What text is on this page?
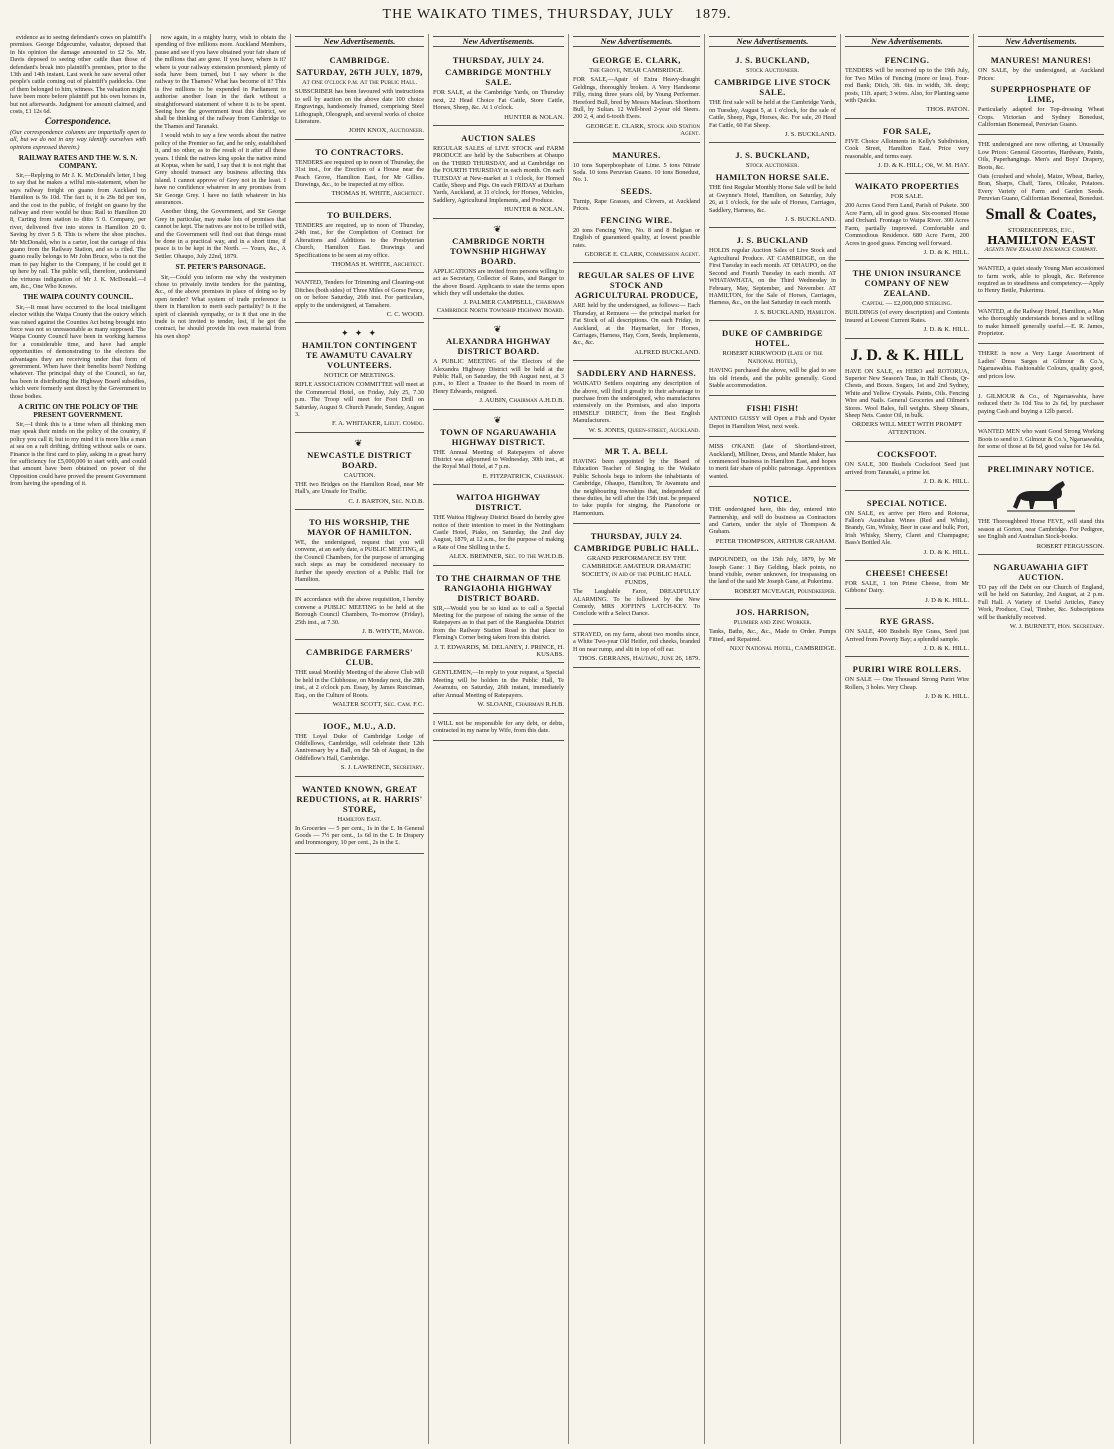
THE WAIKATO TIMES, THURSDAY, JULY 1879.

evidence as to seeing defendant's cows on plaintiff's premises. George Edgecumbe, valuator, deposed that in his opinion the damage amounted to £2 5s. Mr. Davis deposed to seeing other cattle than those of defendant's break into plaintiff's premises, prior to the 13th and 14th instant. Last week he saw several other people's cattle coming out of plaintiff's paddocks. One of them belonged to him, witness. The valuation might have been more before plaintiff put his own horses in, but not afterwards. Judgment for amount claimed, and costs, £1 12s 6d.

Correspondence.

(Our correspondence columns are impartially open to all, but we do not in any way identify ourselves with opinions expressed therein.)

RAILWAY RATES AND THE W. S. N. COMPANY.

Sir,—Replying to Mr J. K. McDonald's letter, I beg to say that he makes a wilful mis-statement, when he says railway freight on guano from Auckland to Hamilton is 9s 10d. The fact is, it is 29s 8d per ton, and the cost to the public, of freight on guano by the railway and river would be thus: Rail to Hamilton 20 8, Carting from station to ditto 5 0. Company, per river, delivered five into stores in Hamilton 20 0. Saving by river 5 8. This is where the shoe pinches. Mr McDonald, who is a carter, lost the cartage of this guano from the Railway Station, and so is riled. The guano really belongs to Mr John Bruce, who is not the man to pay higher to the Company, if he could get it up here by rail. The public will, therefore, understand the virtuous indignation of Mr J. K. McDonald.—I am, &c., One Who Knows.

THE WAIPA COUNTY COUNCIL.

Sir,—It must have occurred to the local intelligent elector within the Waipa County that the outcry which was raised against the Counties Act being brought into force was not so unreasonable as many supposed. The Waipa County Council have been in working harness for a considerable time, and have had ample opportunities of demonstrating to the electors the advantages they are receiving under that form of government. When have their benefits been? Nothing whatever. The principal duty of the Council, so far, has been in distributing the Highway Board subsidies, which were formerly sent direct by the Government to those bodies.

A CRITIC ON THE POLICY OF THE PRESENT GOVERNMENT.

Sir,—I think this is a time when all thinking men may speak their minds on the policy of the country, if policy you call it; but to my mind it is more like a man at sea on a raft drifting, drifting without sails or oars. Finance is the first card to play, asking in a great hurry for sufficiency for £5,000,000 to start with, and could that amount have been obtained on power of the Opposition could have proved the present Government from having the spending of it.

now again, in a mighty hurry, wish to obtain the spending of five millions more. Auckland Members, pause and see if you have obtained your fair share of the millions that are gone. If you have, where is it? where is your railway extension promised; plenty of soda have been turned, but I say where is the railway to the Thames? What has become of it? This is five millions to be expended in Parliament to authorise another loan in the dark without a straightforward statement of where it is to be spent. Seeing how the government treat this district, we shall be thinking of the railway from Cambridge to the Thames and Taranaki.

I would wish to say a few words about the native policy of the Premier so far, and he only, established it, and no other, as to the result of it after all these years. I think the natives king spoke the native mind at Kopua, when he said, I say that it is not right that Grey should transact any business affecting this island. I cannot approve of Grey not in the least. I have no confidence whatever in any promises from Sir George Grey. I have no faith whatever in his assurances.

Another thing, the Government, and Sir George Grey in particular, may make lots of promises that cannot be kept. The natives are not to be trifled with, and the Government will find out that things must be done in a practical way, and in a short time, if peace is to be kept in the North. — Yours, &c., A Settler. Ohaupo, July 22nd, 1879.

ST. PETER'S PARSONAGE.

Sir,—Could you inform me why the vestrymen chose to privately invite tenders for the painting, &c., of the above premises in place of doing so by open tender? What system of trade preference is there in Hamilton to merit such partiality? Is it the spirit of clannish sympathy, or is it that one in the trade is not invited to tender, lest, if he got the contract, he should provide his own material from his own shop?

New Advertisements.
CAMBRIDGE.
SATURDAY, 26TH JULY, 1879,
At One o'clock p.m. At the Public Hall.

SUBSCRIBER has been favoured with instructions to sell by auction on the above date 100 choice Engravings, handsomely framed, comprising Steel Lithograph, Oleograph, and several works of choice Literature.

JOHN KNOX, Auctioneer.
TO CONTRACTORS.

TENDERS are required up to noon of Thursday, the 31st inst., for the Erection of a House near the Peach Grove, Hamilton East, for Mr Gillies. Drawings, &c., to be inspected at my office.

THOMAS H. WHITE, Architect.
TO BUILDERS.

TENDERS are required, up to noon of Thursday, 24th inst., for the Completion of Contract for Alterations and Additions to the Presbyterian Church, Hamilton East. Drawings and Specifications to be seen at my office.

THOMAS H. WHITE, Architect.

WANTED, Tenders for Trimming and Cleaning-out Ditches (both sides) of Three Miles of Gorse Fence, on or before Saturday, 26th inst. For particulars, apply to the undersigned, at Tamahere.

C. C. WOOD.
✦ ✦ ✦
HAMILTON CONTINGENT TE AWAMUTU CAVALRY VOLUNTEERS.
NOTICE OF MEETINGS.

RIFLE ASSOCIATION COMMITTEE will meet at the Commercial Hotel, on Friday, July 25, 7.30 p.m. The Troop will meet for Foot Drill on Saturday, August 9. Church Parade, Sunday, August 3.

F. A. WHITAKER, Lieut. Comdg.
❦
NEWCASTLE DISTRICT BOARD.
CAUTION.

THE two Bridges on the Hamilton Road, near Mr Hall's, are Unsafe for Traffic.

C. J. BARTON, Sec. N.D.B.
TO HIS WORSHIP, THE MAYOR OF HAMILTON.

WE, the undersigned, request that you will convene, at an early date, a PUBLIC MEETING, at the Council Chambers, for the purpose of arranging such steps as may be considered necessary to further the speedy erection of a Public Hall for Hamilton.

IN accordance with the above requisition, I hereby convene a PUBLIC MEETING to be held at the Borough Council Chambers, To-morrow (Friday), 25th inst., at 7.30.

J. B. WHYTE, Mayor.
CAMBRIDGE FARMERS' CLUB.

THE usual Monthly Meeting of the above Club will be held in the Clubhouse, on Monday next, the 28th inst., at 2 o'clock p.m. Essay, by James Runciman, Esq., on the Culture of Roots.

WALTER SCOTT, Sec. Cam. F.C.
IOOF., M.U., A.D.

THE Loyal Duke of Cambridge Lodge of Oddfellows, Cambridge, will celebrate their 12th Anniversary by a Ball, on the 5th of August, in the Oddfellow's Hall, Cambridge.

S. J. LAWRENCE, Secretary.
WANTED KNOWN, GREAT REDUCTIONS, at R. HARRIS' STORE,
Hamilton East.

In Groceries — 5 per cent., 1s in the £. In General Goods — 7½ per cent., 1s 6d in the £. In Drapery and Ironmongery, 10 per cent., 2s in the £.

New Advertisements.
THURSDAY, JULY 24.
CAMBRIDGE MONTHLY SALE.

FOR SALE, at the Cambridge Yards, on Thursday next, 22 Head Choice Fat Cattle, Store Cattle, Horses, Sheep, &c. At 1 o'clock.

HUNTER & NOLAN.
AUCTION SALES

REGULAR SALES of LIVE STOCK and FARM PRODUCE are held by the Subscribers at Ohaupo on the THIRD THURSDAY, and at Cambridge on the FOURTH THURSDAY in each month. On each TUESDAY at New-market at 1 o'clock, for Horned Cattle, Sheep and Pigs. On each FRIDAY at Durham Yards, Auckland, at 11 o'clock, for Horses, Vehicles, Saddlery, Agricultural Implements, and Produce.

HUNTER & NOLAN.
❦
CAMBRIDGE NORTH TOWNSHIP HIGHWAY BOARD.

APPLICATIONS are invited from persons willing to act as Secretary, Collector of Rates, and Ranger to the above Board. Applicants to state the terms upon which they will undertake the duties.

J. PALMER CAMPBELL, Chairman Cambridge North Township Highway Board.
❦
ALEXANDRA HIGHWAY DISTRICT BOARD.

A PUBLIC MEETING of the Electors of the Alexandra Highway District will be held at the Public Hall, on Saturday, the 9th August next, at 3 p.m., to Elect a Trustee to the Board in room of Henry Edwards, resigned.

J. AUBIN, Chairman A.H.D.B.
❦
TOWN OF NGARUAWAHIA HIGHWAY DISTRICT.

THE Annual Meeting of Ratepayers of above District was adjourned to Wednesday, 30th inst., at the Royal Mail Hotel, at 7 p.m.

E. FITZPATRICK, Chairman.
WAITOA HIGHWAY DISTRICT.

THE Waitoa Highway District Board do hereby give notice of their intention to meet in the Nottingham Castle Hotel, Piako, on Saturday, the 2nd day August, 1879, at 12 a.m., for the purpose of making a Rate of One Shilling in the £.

ALEX. BREMNER, Sec. to the W.H.D.B.
TO THE CHAIRMAN OF THE RANGIAOHIA HIGHWAY DISTRICT BOARD.

SIR,—Would you be so kind as to call a Special Meeting for the purpose of raising the sense of the Ratepayers as to that part of the Rangiaohia District from the Railway Station Road to that place to Fleming's Corner being taken from this district.

J. T. EDWARDS, M. DELANEY, J. PRINCE, H. KUSABS.

GENTLEMEN,—In reply to your request, a Special Meeting will be holden in the Public Hall, Te Awamutu, on Saturday, 26th instant, immediately after Annual Meeting of Ratepayers.

W. SLOANE, Chairman R.H.B.

I WILL not be responsible for any debt, or debts, contracted in my name by Wife, from this date.

New Advertisements.
GEORGE E. CLARK,
The Grove, NEAR CAMBRIDGE.

FOR SALE,—Apair of Extra Heavy-draught Geldings, thoroughly broken. A Very Handsome Filly, rising three years old, by Young Performer. Hereford Bull, bred by Messrs Maclean. Shorthorn Bull, by Sultan. 12 Well-bred 2-year old Steers. 200 2, 4, and 6-tooth Ewes.

GEORGE E. CLARK, Stock and Station Agent.
MANURES.

10 tons Superphosphate of Lime. 5 tons Nitrate Soda. 10 tons Peruvian Guano. 10 tons Bonedust, No. 1.

SEEDS.

Turnip, Rape Grasses, and Clovers, at Auckland Prices.

FENCING WIRE.

20 tons Fencing Wire, No. 8 and 8 Belgian or English of guaranteed quality, at lowest possible rates.

GEORGE E. CLARK, Commission Agent.
REGULAR SALES OF LIVE STOCK AND AGRICULTURAL PRODUCE,

ARE held by the undersigned, as follows:— Each Thursday, at Remuera — the principal market for Fat Stock of all descriptions. On each Friday, in Auckland, at the Haymarket, for Horses, Carriages, Harness, Hay, Corn, Seeds, Implements, &c., &c.

ALFRED BUCKLAND.
SADDLERY AND HARNESS.

WAIKATO Settlers requiring any description of the above, will find it greatly to their advantage to purchase from the undersigned, who manufactures extensively on the Premises, and also imports HIMSELF DIRECT, from the Best English Manufacturers.

W. S. JONES, Queen-street, Auckland.
MR T. A. BELL

HAVING been appointed by the Board of Education Teacher of Singing to the Waikato Public Schools begs to inform the inhabitants of Cambridge, Ohaupo, Hamilton, Te Awamutu and the neighbouring townships that, independent of these duties, he will after the 15th inst. be prepared to take pupils for singing, the Pianoforte or Harmonium.

THURSDAY, JULY 24.
CAMBRIDGE PUBLIC HALL.
GRAND PERFORMANCE BY THE CAMBRIDGE AMATEUR DRAMATIC SOCIETY, in aid of the PUBLIC HALL FUNDS,

The Laughable Farce, DREADFULLY ALARMING. To be followed by the New Comedy, MRS JOFFIN'S LATCH-KEY. To Conclude with a Select Dance.

STRAYED, on my farm, about two months since, a White Two-year Old Heifer, red cheeks, branded H on near rump, and slit in top of off ear.

THOS. GERRANS, Hautapu, June 26, 1879.
New Advertisements.
J. S. BUCKLAND,
Stock Auctioneer.
CAMBRIDGE LIVE STOCK SALE.

THE first sale will be held at the Cambridge Yards, on Tuesday, August 5, at 1 o'clock, for the sale of Cattle, Sheep, Pigs, Horses, &c. For sale, 20 Head Fat Cattle, 60 Fat Sheep.

J. S. BUCKLAND.
J. S. BUCKLAND,
Stock Auctioneer.
HAMILTON HORSE SALE.

THE first Regular Monthly Horse Sale will be held at Gwynne's Hotel, Hamilton, on Saturday, July 26, at 1 o'clock, for the sale of Horses, Carriages, Saddlery, Harness, &c.

J. S. BUCKLAND.
J. S. BUCKLAND

HOLDS regular Auction Sales of Live Stock and Agricultural Produce. AT CAMBRIDGE, on the First Tuesday in each month. AT OHAUPO, on the Second and Fourth Tuesday in each month. AT WHATAWHATA, on the Third Wednesday in February, May, September, and November. AT HAMILTON, for the Sale of Horses, Carriages, Harness, &c., on the last Saturday in each month.

J. S. BUCKLAND, Hamilton.
DUKE OF CAMBRIDGE HOTEL.
ROBERT KIRKWOOD (Late of the National Hotel),

HAVING purchased the above, will be glad to see his old friends, and the public generally. Good Stable accommodation.

FISH! FISH!

ANTONIO GUSSY will Open a Fish and Oyster Depot in Hamilton West, next week.

MISS O'KANE (late of Shortland-street, Auckland), Milliner, Dress, and Mantle Maker, has commenced business in Hamilton East, and hopes to merit fair share of public patronage. Apprentices wanted.

NOTICE.

THE undersigned have, this day, entered into Partnership, and will do business as Contractors and Carters, under the style of Thompson & Graham.

PETER THOMPSON, ARTHUR GRAHAM.

IMPOUNDED, on the 15th July, 1879, by Mr Joseph Gane: 1 Bay Gelding, black points, no brand visible, owner unknown, for trespassing on the land of the said Mr Joseph Gane, at Pukerimu.

ROBERT McVEAGH, Poundkeeper.
JOS. HARRISON,
Plumber and Zinc Worker.

Tanks, Baths, &c., &c., Made to Order. Pumps Fitted, and Repaired.

Next National Hotel, CAMBRIDGE.
New Advertisements.
FENCING.

TENDERS will be received up to the 19th July, for Two Miles of Fencing (more or less). Four-rod Bank; Ditch, 3ft. 6in. in width, 3ft. deep; posts, 11ft. apart; 3 wires. Also, for Planting same with Quicks.

THOS. PATON.
FOR SALE,

FIVE Choice Allotments in Kelly's Subdivision, Cook Street, Hamilton East. Price very reasonable, and terms easy.

J. D. & K. HILL; Or, W. M. HAY.
WAIKATO PROPERTIES
FOR SALE.

200 Acres Good Fern Land, Parish of Pukete. 300 Acre Farm, all in good grass. Six-roomed House and Orchard. Frontage to Waipa River. 300 Acres Farm, partially improved. Comfortable and Commodious Residence. 680 Acre Farm, 200 Acres in good grass. Fencing well forward.

J. D. & K. HILL.
THE UNION INSURANCE COMPANY OF NEW ZEALAND.
Capital — £2,000,000 Sterling.

BUILDINGS (of every description) and Contents insured at Lowest Current Rates.

J. D. & K. HILL.
J. D. & K. HILL

HAVE ON SALE, ex HERO and ROTORUA, Superior New Season's Teas, in Half Chests, Qr-Chests, and Boxes. Sugars, 1st and 2nd Sydney, White and Yellow Crystals. Paints, Oils. Fencing Wire and Nails. General Groceries and Oilmen's Stores. Wool Bales, full weights. Sheep Shears, Sheep Nets. Castor Oil, in bulk.

ORDERS WILL MEET WITH PROMPT ATTENTION.
COCKSFOOT.

ON SALE, 300 Bushels Cocksfoot Seed just arrived from Taranaki, a prime lot.

J. D. & K. HILL.
SPECIAL NOTICE.

ON SALE, ex arrive per Hero and Rotorua, Fallon's Australian Wines (Red and White), Brandy, Gin, Whisky, Beer in case and bulk; Port, Irish Whisky, Sherry, Claret and Champagne; Bass's Bottled Ale.

J. D. & K. HILL.
CHEESE! CHEESE!

FOR SALE, 1 ton Prime Cheese, from Mr Gibbons' Dairy.

J. D & K. HILL.
RYE GRASS.

ON SALE, 400 Bushels Rye Grass, Seed just Arrived from Poverty Bay; a splendid sample.

J. D. & K. HILL.
PURIRI WIRE ROLLERS.

ON SALE — One Thousand Strong Puriri Wire Rollers, 3 holes. Very Cheap.

J. D & K. HILL.
New Advertisements.
MANURES! MANURES!

ON SALE, by the undersigned, at Auckland Prices:

SUPERPHOSPHATE OF LIME,

Particularly adapted for Top-dressing Wheat Crops. Victorian and Sydney Bonedust, Californian Bonemeal, Peruvian Guano.

THE undersigned are now offering, at Unusually Low Prices: General Groceries, Hardware, Paints, Oils, Paperhangings. Men's and Boys' Drapery, Boots, &c.

Oats (crushed and whole), Maize, Wheat, Barley, Bran, Sharps, Chaff, Tares, Oilcake, Potatoes. Every Variety of Farm and Garden Seeds. Peruvian Guano, Californian Bonemeal, Bonedust.

Small & Coates,
STOREKEEPERS, Etc.,
HAMILTON EAST
Agents New Zealand Insurance Company.

WANTED, a quiet steady Young Man accustomed to farm work, able to plough, &c. Reference required as to steadiness and competency.—Apply to Henry Bettle, Pukerimu.

WANTED, at the Railway Hotel, Hamilton, a Man who thoroughly understands horses and is willing to make himself generally useful.—E. R. James, Proprietor.

THERE is now a Very Large Assortment of Ladies' Dress Sarges at Gilmour & Co.'s, Ngaruawahia. Fashionable Colours, quality good, and prices low.

J. GILMOUR & Co., of Ngaruawahia, have reduced their 3s 10d Tea to 2s 6d, by purchaser paying Cash and buying a 12lb parcel.

WANTED MEN who want Good Strong Working Boots to send to J. Gilmour & Co.'s, Ngaruawahia, for some of those at 8s 6d, good value for 14s 6d.

PRELIMINARY NOTICE.

THE Thoroughbred Horse FEVE, will stand this season at Gorton, near Cambridge. For Pedigree, see English and Australian Stock-books.

ROBERT FERGUSSON.
NGARUAWAHIA GIFT AUCTION.

TO pay off the Debt on our Church of England, will be held on Saturday, 2nd August, at 2 p.m. Full Hall. A Variety of Useful Articles, Fancy Work, Produce, Coal, Timber, &c. Subscriptions will be thankfully received.

W. J. BURNETT, Hon. Secretary.
